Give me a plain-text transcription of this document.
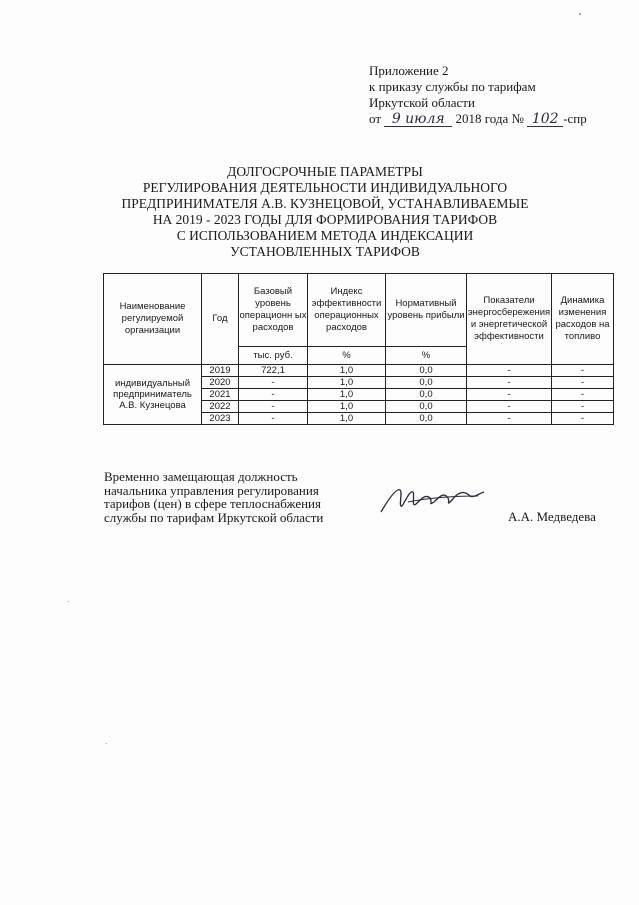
Приложение 2
к приказу службы по тарифам
Иркутской области
от 9 июля 2018 года № 102 -спр
ДОЛГОСРОЧНЫЕ ПАРАМЕТРЫ
РЕГУЛИРОВАНИЯ ДЕЯТЕЛЬНОСТИ ИНДИВИДУАЛЬНОГО
ПРЕДПРИНИМАТЕЛЯ А.В. КУЗНЕЦОВОЙ, УСТАНАВЛИВАЕМЫЕ
НА 2019 - 2023 ГОДЫ ДЛЯ ФОРМИРОВАНИЯ ТАРИФОВ
С ИСПОЛЬЗОВАНИЕМ МЕТОДА ИНДЕКСАЦИИ
УСТАНОВЛЕННЫХ ТАРИФОВ
Наименование регулируемой организации	Год	Базовый уровень операционн ых расходов	Индекс эффективности операционных расходов	Нормативный уровень прибыли	Показатели энергосбережения и энергетической эффективности	Динамика изменения расходов на топливо
		тыс. руб.	%	%		
индивидуальный предприниматель А.В. Кузнецова	2019	722,1	1,0	0,0	-	-
	2020	-	1,0	0,0	-	-
	2021	-	1,0	0,0	-	-
	2022	-	1,0	0,0	-	-
	2023	-	1,0	0,0	-	-
Временно замещающая должность
начальника управления регулирования
тарифов (цен) в сфере теплоснабжения
службы по тарифам Иркутской области	А.А. Медведева
